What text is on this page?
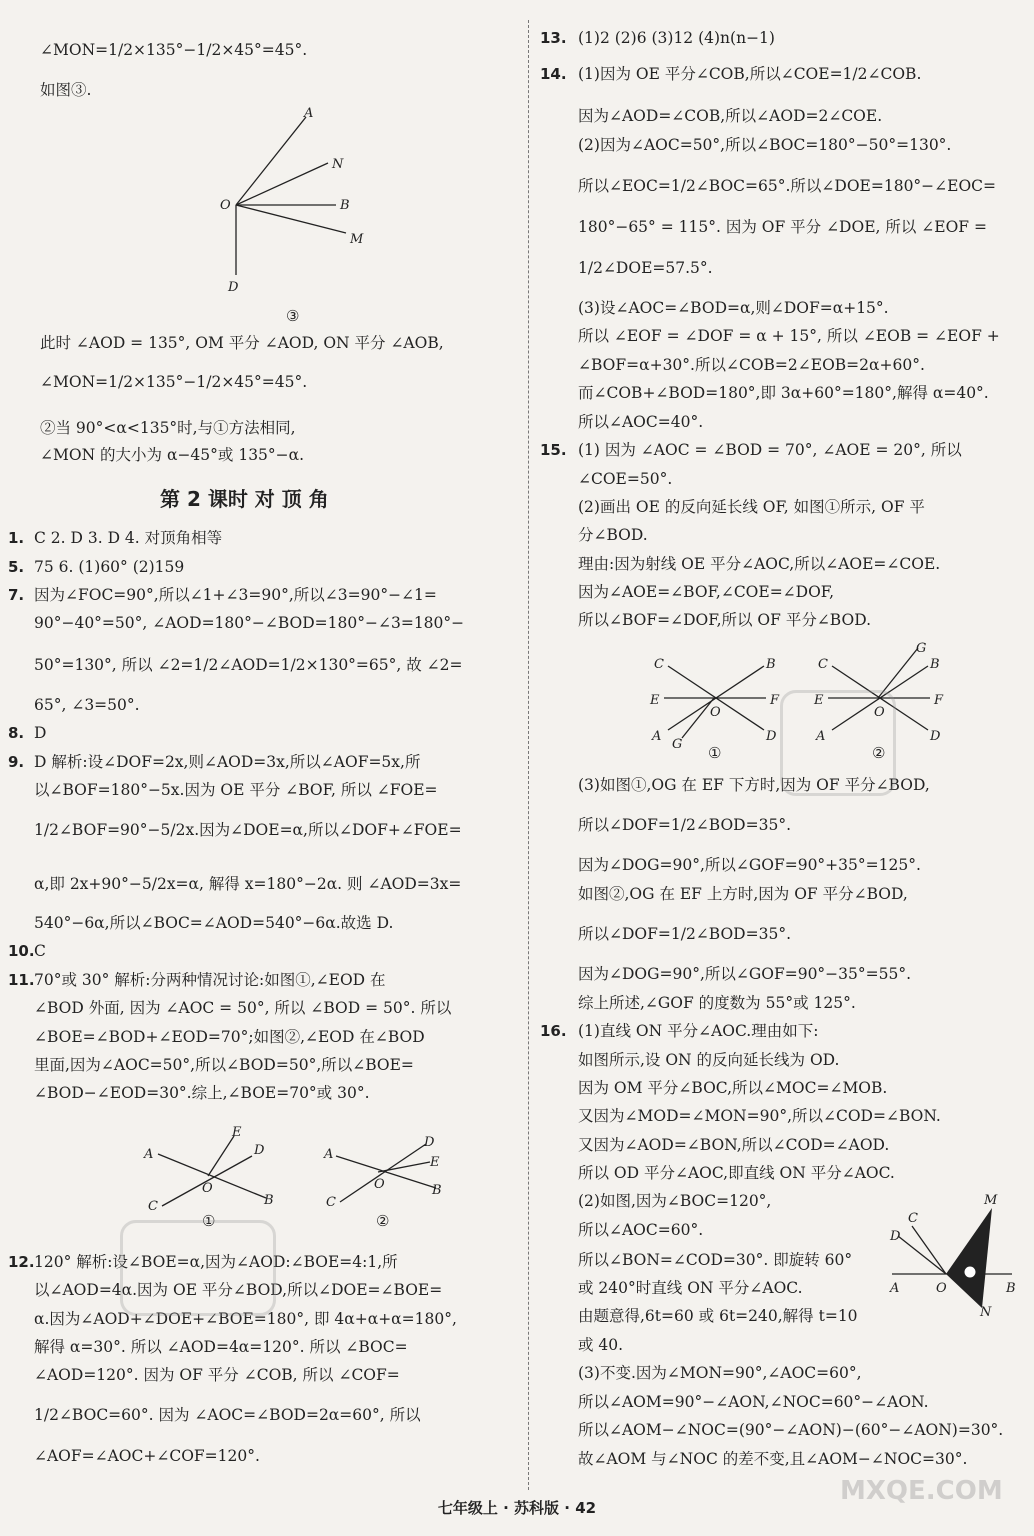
∠MON=1/2×135°−1/2×45°=45°.
如图③.
此时 ∠AOD = 135°, OM 平分 ∠AOD, ON 平分 ∠AOB,
∠MON=1/2×135°−1/2×45°=45°.
②当 90°<α<135°时,与①方法相同,
∠MON 的大小为 α−45°或 135°−α.
1. C 2. D 3. D 4. 对顶角相等
5. 75 6. (1)60° (2)159
7. 因为∠FOC=90°,所以∠1+∠3=90°,所以∠3=90°−∠1=
90°−40°=50°, ∠AOD=180°−∠BOD=180°−∠3=180°−
50°=130°, 所以 ∠2=1/2∠AOD=1/2×130°=65°, 故 ∠2=
65°, ∠3=50°.
8. D
9. D 解析:设∠DOF=2x,则∠AOD=3x,所以∠AOF=5x,所
以∠BOF=180°−5x.因为 OE 平分 ∠BOF, 所以 ∠FOE=
1/2∠BOF=90°−5/2x.因为∠DOE=α,所以∠DOF+∠FOE=
α,即 2x+90°−5/2x=α, 解得 x=180°−2α. 则 ∠AOD=3x=
540°−6α,所以∠BOC=∠AOD=540°−6α.故选 D.
10. C
11. 70°或 30° 解析:分两种情况讨论:如图①,∠EOD 在
∠BOD 外面, 因为 ∠AOC = 50°, 所以 ∠BOD = 50°. 所以
∠BOE=∠BOD+∠EOD=70°;如图②,∠EOD 在∠BOD
里面,因为∠AOC=50°,所以∠BOD=50°,所以∠BOE=
∠BOD−∠EOD=30°.综上,∠BOE=70°或 30°.
12. 120° 解析:设∠BOE=α,因为∠AOD:∠BOE=4:1,所
以∠AOD=4α.因为 OE 平分∠BOD,所以∠DOE=∠BOE=
α.因为∠AOD+∠DOE+∠BOE=180°, 即 4α+α+α=180°,
解得 α=30°. 所以 ∠AOD=4α=120°. 所以 ∠BOC=
∠AOD=120°. 因为 OF 平分 ∠COB, 所以 ∠COF=
1/2∠BOC=60°. 因为 ∠AOC=∠BOD=2α=60°, 所以
∠AOF=∠AOC+∠COF=120°.
13. (1)2 (2)6 (3)12 (4)n(n−1)
14. (1)因为 OE 平分∠COB,所以∠COE=1/2∠COB.
因为∠AOD=∠COB,所以∠AOD=2∠COE.
(2)因为∠AOC=50°,所以∠BOC=180°−50°=130°.
所以∠EOC=1/2∠BOC=65°.所以∠DOE=180°−∠EOC=
180°−65° = 115°. 因为 OF 平分 ∠DOE, 所以 ∠EOF =
1/2∠DOE=57.5°.
(3)设∠AOC=∠BOD=α,则∠DOF=α+15°.
所以 ∠EOF = ∠DOF = α + 15°, 所以 ∠EOB = ∠EOF +
∠BOF=α+30°.所以∠COB=2∠EOB=2α+60°.
而∠COB+∠BOD=180°,即 3α+60°=180°,解得 α=40°.
所以∠AOC=40°.
15. (1) 因为 ∠AOC = ∠BOD = 70°, ∠AOE = 20°, 所以
∠COE=50°.
(2)画出 OE 的反向延长线 OF, 如图①所示, OF 平
分∠BOD.
理由:因为射线 OE 平分∠AOC,所以∠AOE=∠COE.
因为∠AOE=∠BOF,∠COE=∠DOF,
所以∠BOF=∠DOF,所以 OF 平分∠BOD.
(3)如图①,OG 在 EF 下方时,因为 OF 平分∠BOD,
所以∠DOF=1/2∠BOD=35°.
因为∠DOG=90°,所以∠GOF=90°+35°=125°.
如图②,OG 在 EF 上方时,因为 OF 平分∠BOD,
所以∠DOF=1/2∠BOD=35°.
因为∠DOG=90°,所以∠GOF=90°−35°=55°.
综上所述,∠GOF 的度数为 55°或 125°.
16. (1)直线 ON 平分∠AOC.理由如下:
如图所示,设 ON 的反向延长线为 OD.
因为 OM 平分∠BOC,所以∠MOC=∠MOB.
又因为∠MOD=∠MON=90°,所以∠COD=∠BON.
又因为∠AOD=∠BON,所以∠COD=∠AOD.
所以 OD 平分∠AOC,即直线 ON 平分∠AOC.
(2)如图,因为∠BOC=120°,
所以∠AOC=60°.
所以∠BON=∠COD=30°. 即旋转 60°
或 240°时直线 ON 平分∠AOC.
由题意得,6t=60 或 6t=240,解得 t=10
或 40.
(3)不变.因为∠MON=90°,∠AOC=60°,
所以∠AOM=90°−∠AON,∠NOC=60°−∠AON.
所以∠AOM−∠NOC=(90°−∠AON)−(60°−∠AON)=30°.
故∠AOM 与∠NOC 的差不变,且∠AOM−∠NOC=30°.
第 2 课时 对 顶 角
A
N
O	B
M
D
③
A
E
D
O
C	B
①
A
D
E
O
C
B
②
C	B
E	F
O
A
G
D
①
C
G
B
E	F
O
A	D
②
M
D
C
A	O	B
N
MXQE.COM
七年级上 · 苏科版 · 42
